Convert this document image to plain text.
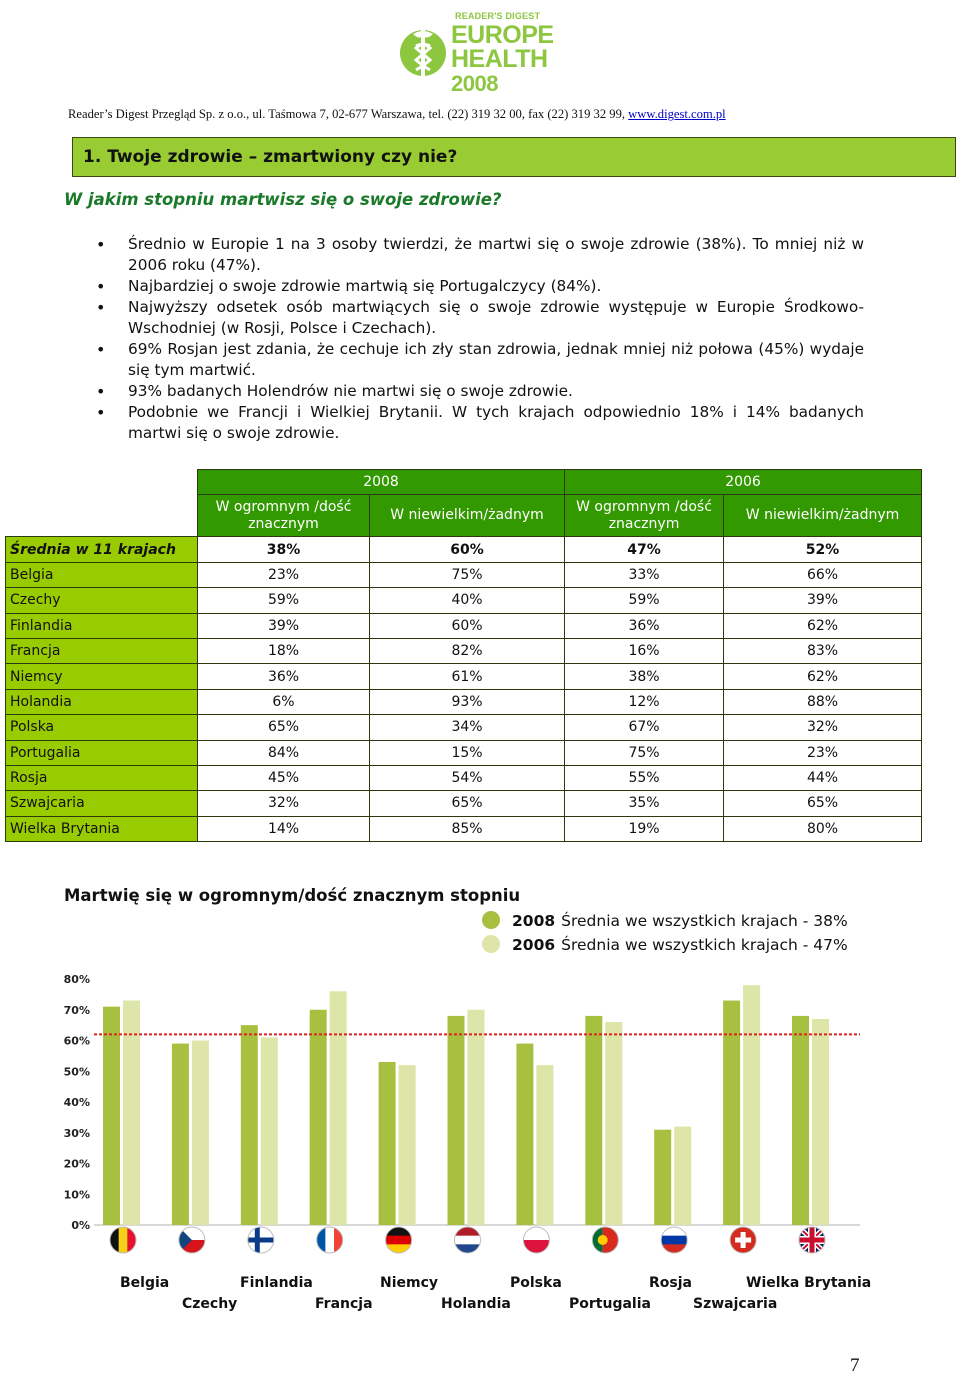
READER'S DIGEST
EUROPE
HEALTH
2008
Reader’s Digest Przegląd Sp. z o.o., ul. Taśmowa 7, 02-677 Warszawa, tel. (22) 319 32 00, fax (22) 319 32 99, www.digest.com.pl
1. Twoje zdrowie – zmartwiony czy nie?
W jakim stopniu martwisz się o swoje zdrowie?
• Średnio w Europie 1 na 3 osoby twierdzi, że martwi się o swoje zdrowie (38%). To mniej niż w 2006 roku (47%).
• Najbardziej o swoje zdrowie martwią się Portugalczycy (84%).
• Najwyższy odsetek osób martwiących się o swoje zdrowie występuje w Europie Środkowo-Wschodniej (w Rosji, Polsce i Czechach).
• 69% Rosjan jest zdania, że cechuje ich zły stan zdrowia, jednak mniej niż połowa (45%) wydaje się tym martwić.
• 93% badanych Holendrów nie martwi się o swoje zdrowie.
• Podobnie we Francji i Wielkiej Brytanii. W tych krajach odpowiednio 18% i 14% badanych martwi się o swoje zdrowie.
	2008		2006	
	W ogromnym /dość znacznym	W niewielkim/żadnym	W ogromnym /dość znacznym	W niewielkim/żadnym
Średnia w 11 krajach	38%	60%	47%	52%
Belgia	23%	75%	33%	66%
Czechy	59%	40%	59%	39%
Finlandia	39%	60%	36%	62%
Francja	18%	82%	16%	83%
Niemcy	36%	61%	38%	62%
Holandia	6%	93%	12%	88%
Polska	65%	34%	67%	32%
Portugalia	84%	15%	75%	23%
Rosja	45%	54%	55%	44%
Szwajcaria	32%	65%	35%	65%
Wielka Brytania	14%	85%	19%	80%
Martwię się w ogromnym/dość znacznym stopniu
2008 Średnia we wszystkich krajach - 38%
2006 Średnia we wszystkich krajach - 47%
0%
10%
20%
30%
40%
50%
60%
70%
80%
Belgia	Finlandia	Niemcy	Polska	Rosja	Wielka Brytania
Czechy	Francja	Holandia	Portugalia	Szwajcaria
7
